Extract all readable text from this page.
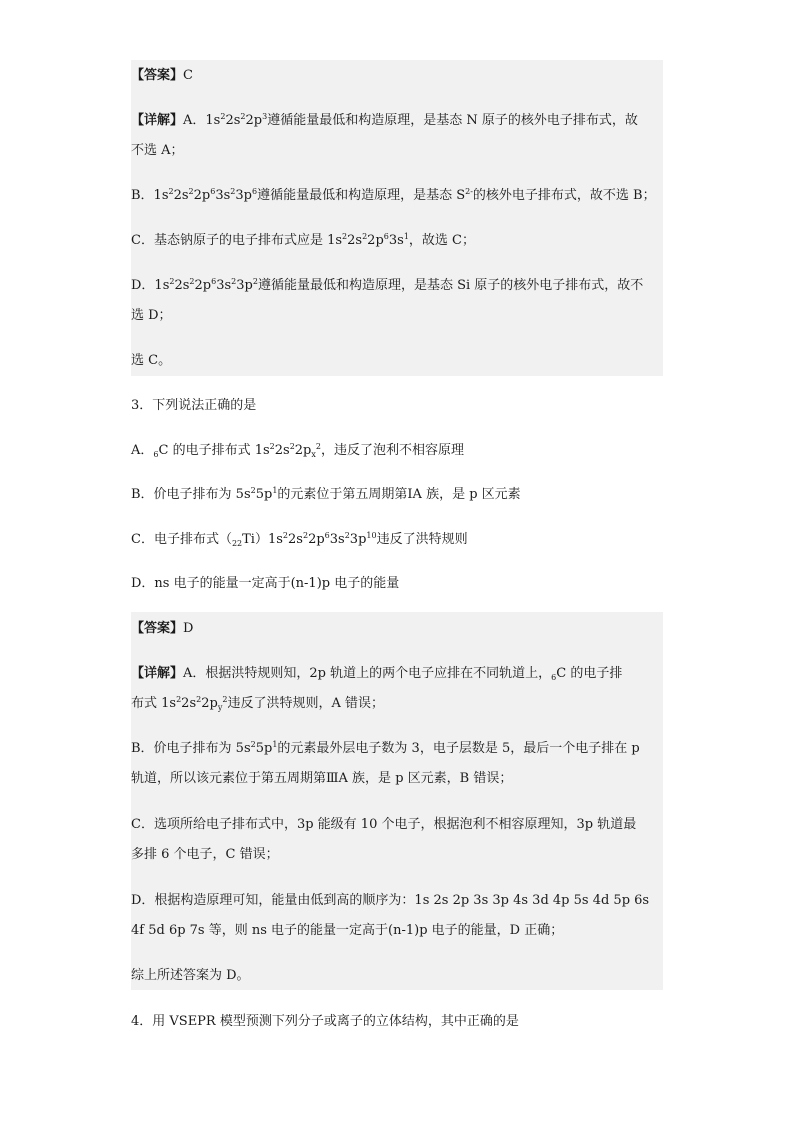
【答案】C
【详解】A．$1s^22s^22p^3$遵循能量最低和构造原理，是基态 N 原子的核外电子排布式，故
不选 A；
B．$1s^22s^22p^63s^23p^6$遵循能量最低和构造原理，是基态 $S^{2-}$的核外电子排布式，故不选 B；
C．基态钠原子的电子排布式应是 $1s^22s^22p^63s^1$，故选 C；
D．$1s^22s^22p^63s^23p^2$遵循能量最低和构造原理，是基态 Si 原子的核外电子排布式，故不
选 D；
选 C。
3．下列说法正确的是
A．$_6$C 的电子排布式 $1s^22s^22p_x^2$，违反了泡利不相容原理
B．价电子排布为 $5s^25p^1$的元素位于第五周期第ⅠA 族，是 p 区元素
C．电子排布式$(_{22}Ti)1s^22s^22p^63s^23p^{10}$违反了洪特规则
D．ns 电子的能量一定高于(n-1)p 电子的能量
【答案】D
【详解】A．根据洪特规则知，2p 轨道上的两个电子应排在不同轨道上，$_6$C 的电子排
布式 $1s^22s^22p_y^2$违反了洪特规则，A 错误；
B．价电子排布为 $5s^25p^1$的元素最外层电子数为 3，电子层数是 5，最后一个电子排在 p
轨道，所以该元素位于第五周期第ⅢA 族，是 p 区元素，B 错误；
C．选项所给电子排布式中，3p 能级有 10 个电子，根据泡利不相容原理知，3p 轨道最
多排 6 个电子，C 错误；
D．根据构造原理可知，能量由低到高的顺序为：1s 2s 2p 3s 3p 4s 3d 4p 5s 4d 5p 6s
4f 5d 6p 7s 等，则 ns 电子的能量一定高于(n-1)p 电子的能量，D 正确；
综上所述答案为 D。
4．用 VSEPR 模型预测下列分子或离子的立体结构，其中正确的是
